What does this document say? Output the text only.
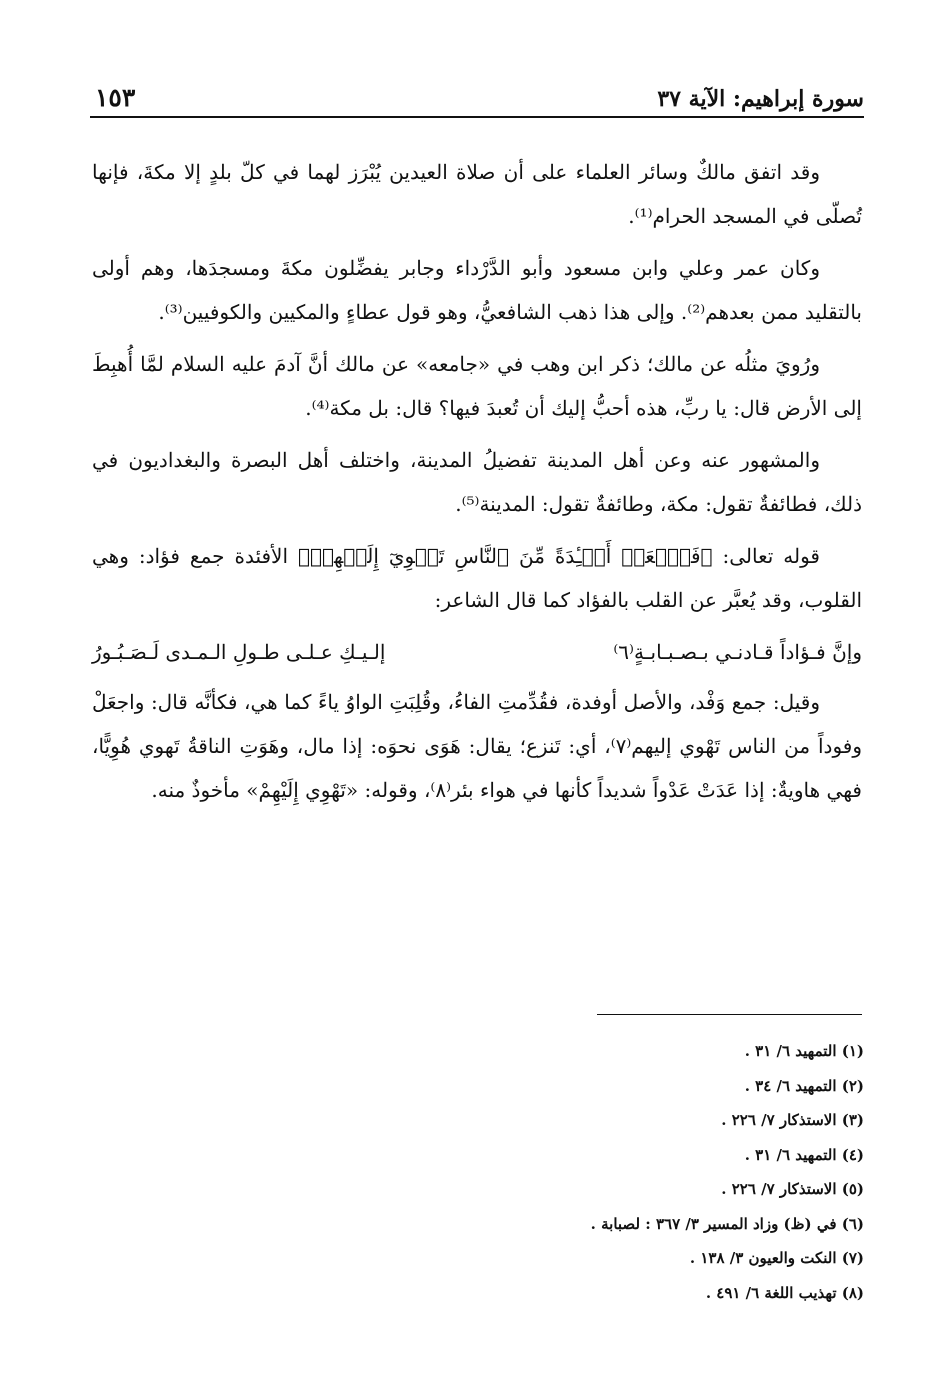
سورة إبراهيم: الآية ٣٧
١٥٣

وقد اتفق مالكٌ وسائر العلماء على أن صلاة العيدين يُبْرَز لهما في كلّ بلدٍ إلا مكةَ، فإنها تُصلّى في المسجد الحرام⁽¹⁾.

وكان عمر وعلي وابن مسعود وأبو الدَّرْداء وجابر يفضِّلون مكةَ ومسجدَها، وهم أولى بالتقليد ممن بعدهم⁽²⁾. وإلى هذا ذهب الشافعيُّ، وهو قول عطاءٍ والمكيين والكوفيين⁽³⁾.

ورُويَ مثلُه عن مالك؛ ذكر ابن وهب في «جامعه» عن مالك أنَّ آدمَ عليه السلام لمَّا أُهبِطَ إلى الأرض قال: يا ربِّ، هذه أحبُّ إليك أن تُعبدَ فيها؟ قال: بل مكة⁽⁴⁾.

والمشهور عنه وعن أهل المدينة تفضيلُ المدينة، واختلف أهل البصرة والبغداديون في ذلك، فطائفةٌ تقول: مكة، وطائفةٌ تقول: المدينة⁽⁵⁾.

قوله تعالى: ﴿فَٱجۡعَلۡ أَفۡـِٔدَةً مِّنَ ٱلنَّاسِ تَهۡوِيٓ إِلَيۡهِمۡ﴾ الأفئدة جمع فؤاد: وهي القلوب، وقد يُعبَّر عن القلب بالفؤاد كما قال الشاعر:

وإنَّ فـؤاداً قـادنـي بـصـبـابـةٍ⁽٦⁾
إلـيـكِ عـلـى طـولِ الـمـدى لَـصَـبُـورُ

وقيل: جمع وَفْد، والأصل أوفدة، فقُدِّمتِ الفاءُ، وقُلِبَتِ الواوُ ياءً كما هي، فكأنَّه قال: واجعَلْ وفوداً من الناس تَهْوي إليهم⁽٧⁾، أي: تَنزع؛ يقال: هَوَى نحوَه: إذا مال، وهَوَتِ الناقةُ تَهوي هُوِيًّا، فهي هاويةٌ: إذا عَدَتْ عَدْواً شديداً كأنها في هواء بئر⁽٨⁾، وقوله: «تَهْوِي إِلَيْهِمْ» مأخوذٌ منه.

(١) التمهيد ٦/ ٣١ .
(٢) التمهيد ٦/ ٣٤ .
(٣) الاستذكار ٧/ ٢٢٦ .
(٤) التمهيد ٦/ ٣١ .
(٥) الاستذكار ٧/ ٢٢٦ .
(٦) في (ظ) وزاد المسير ٣/ ٣٦٧ : لصبابة .
(٧) النكت والعيون ٣/ ١٣٨ .
(٨) تهذيب اللغة ٦/ ٤٩١ .
